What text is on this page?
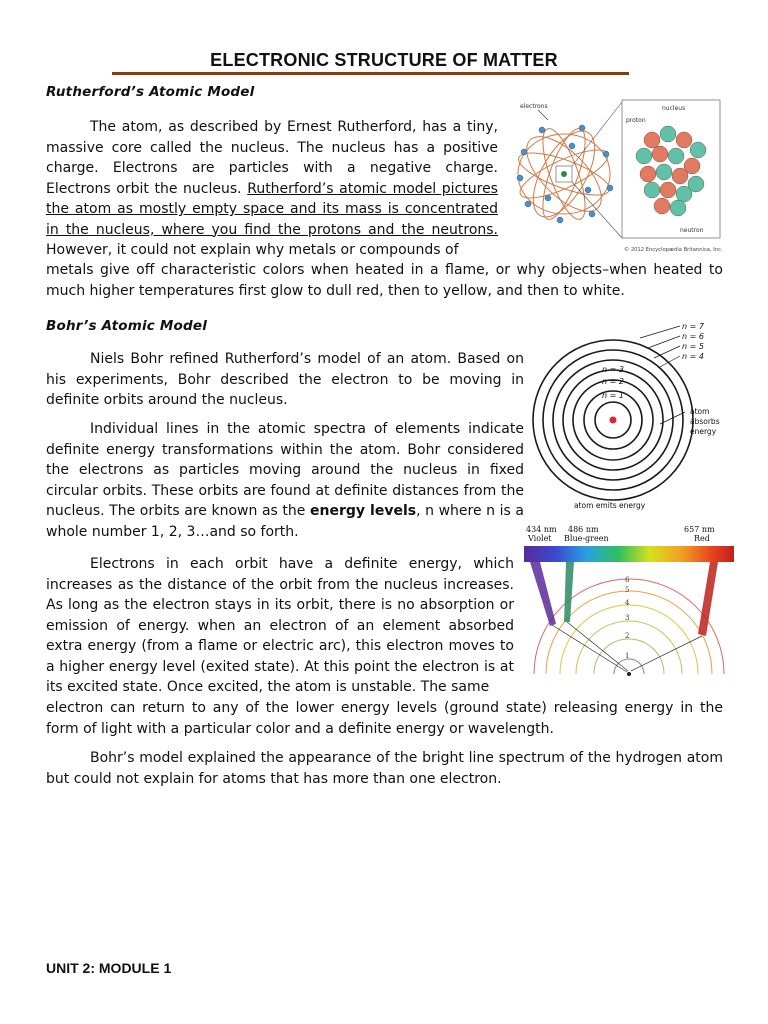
ELECTRONIC STRUCTURE OF MATTER
Rutherford’s Atomic Model

The atom, as described by Ernest Rutherford, has a tiny, massive core called the nucleus. The nucleus has a positive charge. Electrons are particles with a negative charge. Electrons orbit the nucleus. Rutherford’s atomic model pictures the atom as mostly empty space and its mass is concentrated in the nucleus, where you find the protons and the neutrons. However, it could not explain why metals or compounds of

metals give off characteristic colors when heated in a flame, or why objects–when heated to much higher temperatures first glow to dull red, then to yellow, and then to white.

electrons	nucleus
proton
neutron
© 2012 Encyclopædia Britannica, Inc.
Bohr’s Atomic Model

Niels Bohr refined Rutherford’s model of an atom. Based on his experiments, Bohr described the electron to be moving in definite orbits around the nucleus.

Individual lines in the atomic spectra of elements indicate definite energy transformations within the atom. Bohr considered the electrons as particles moving around the nucleus in fixed circular orbits. These orbits are found at definite distances from the nucleus. The orbits are known as the energy levels, n where n is a whole number 1, 2, 3…and so forth.

Electrons in each orbit have a definite energy, which increases as the distance of the orbit from the nucleus increases. As long as the electron stays in its orbit, there is no absorption or emission of energy. when an electron of an element absorbed extra energy (from a flame or electric arc), this electron moves to a higher energy level (exited state). At this point the electron is at its excited state. Once excited, the atom is unstable. The same

electron can return to any of the lower energy levels (ground state) releasing energy in the form of light with a particular color and a definite energy or wavelength.

Bohr’s model explained the appearance of the bright line spectrum of the hydrogen atom but could not explain for atoms that has more than one electron.

n = 7
n = 6
n = 5
n = 4
n = 3
n = 2
n = 1
atom
absorbs
energy
atom emits energy
434 nm
Violet
486 nm
Blue-green
657 nm
Red
6
5
4
3
2
1
UNIT 2: MODULE 1
